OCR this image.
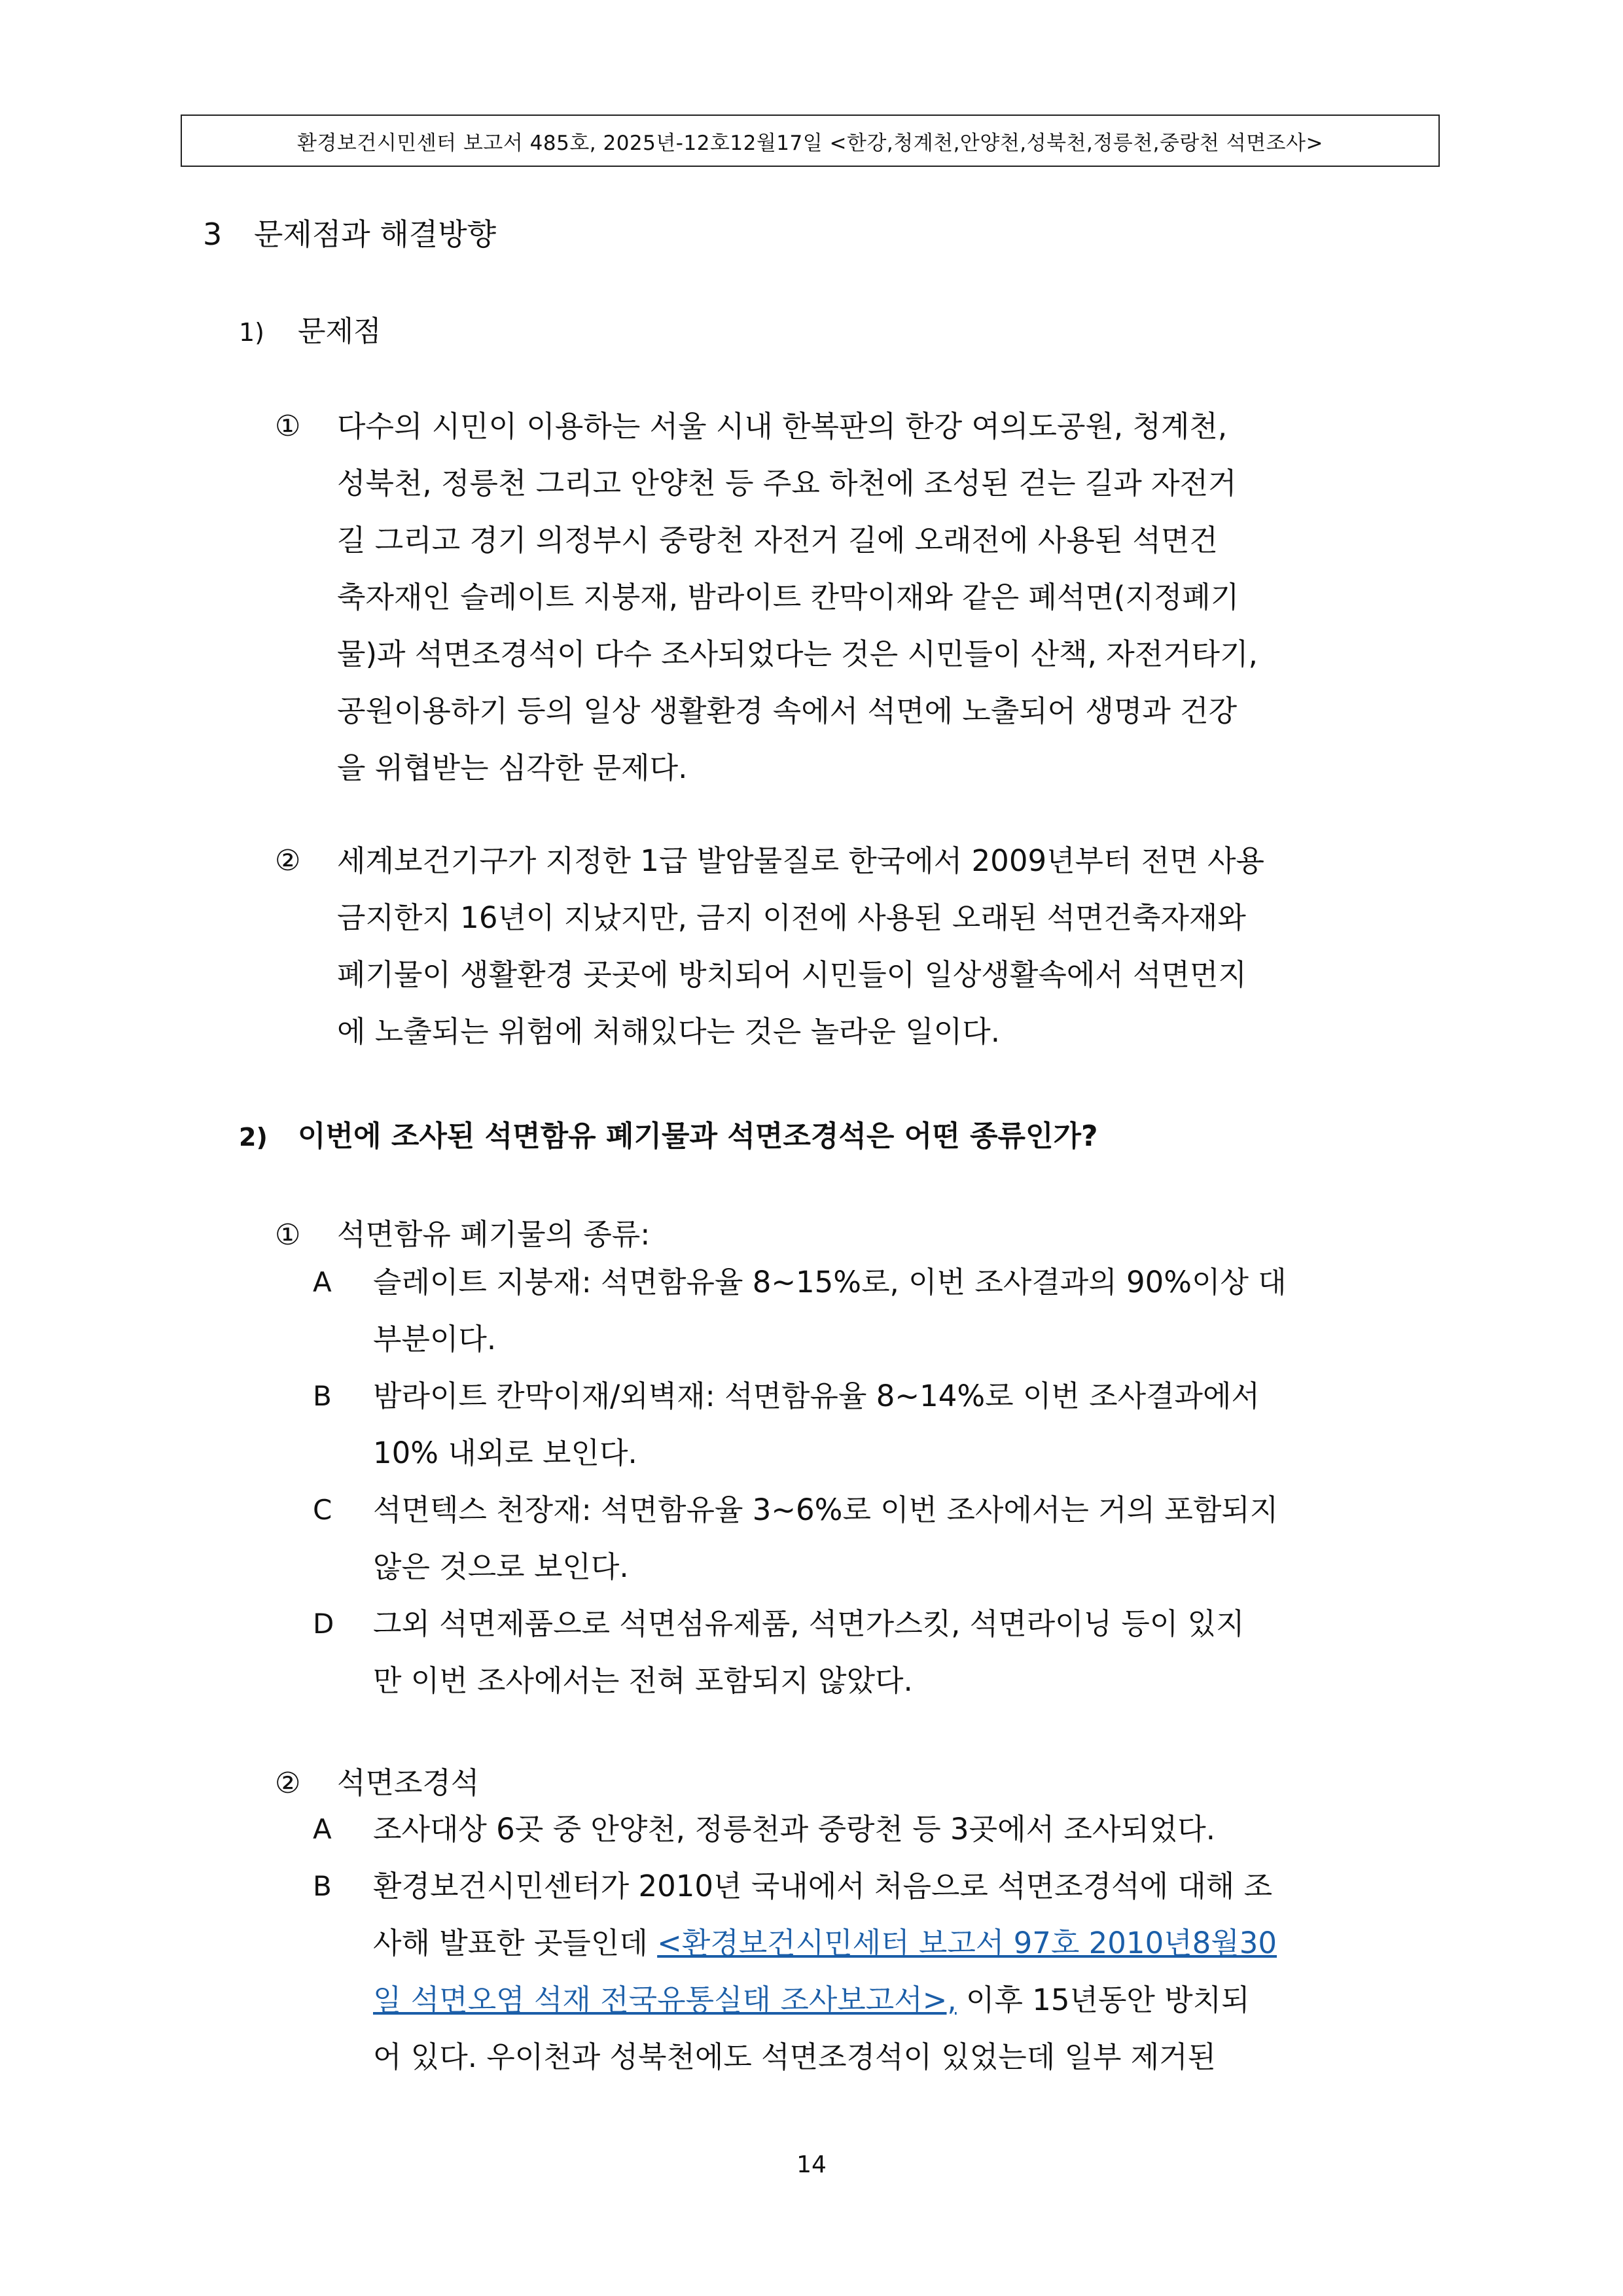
환경보건시민센터 보고서 485호, 2025년-12호12월17일 <한강,청계천,안양천,성북천,정릉천,중랑천 석면조사>
3 문제점과 해결방향
1) 문제점
①	다수의 시민이 이용하는 서울 시내 한복판의 한강 여의도공원, 청계천,
성북천, 정릉천 그리고 안양천 등 주요 하천에 조성된 걷는 길과 자전거
길 그리고 경기 의정부시 중랑천 자전거 길에 오래전에 사용된 석면건
축자재인 슬레이트 지붕재, 밤라이트 칸막이재와 같은 폐석면(지정폐기
물)과 석면조경석이 다수 조사되었다는 것은 시민들이 산책, 자전거타기,
공원이용하기 등의 일상 생활환경 속에서 석면에 노출되어 생명과 건강
을 위협받는 심각한 문제다.
②	세계보건기구가 지정한 1급 발암물질로 한국에서 2009년부터 전면 사용
금지한지 16년이 지났지만, 금지 이전에 사용된 오래된 석면건축자재와
폐기물이 생활환경 곳곳에 방치되어 시민들이 일상생활속에서 석면먼지
에 노출되는 위험에 처해있다는 것은 놀라운 일이다.
2) 이번에 조사된 석면함유 폐기물과 석면조경석은 어떤 종류인가?
① 석면함유 폐기물의 종류:
A	슬레이트 지붕재: 석면함유율 8~15%로, 이번 조사결과의 90%이상 대
부분이다.
B	밤라이트 칸막이재/외벽재: 석면함유율 8~14%로 이번 조사결과에서
10% 내외로 보인다.
C	석면텍스 천장재: 석면함유율 3~6%로 이번 조사에서는 거의 포함되지
않은 것으로 보인다.
D	그외 석면제품으로 석면섬유제품, 석면가스킷, 석면라이닝 등이 있지
만 이번 조사에서는 전혀 포함되지 않았다.
② 석면조경석
A	조사대상 6곳 중 안양천, 정릉천과 중랑천 등 3곳에서 조사되었다.
B	환경보건시민센터가 2010년 국내에서 처음으로 석면조경석에 대해 조
사해 발표한 곳들인데 <환경보건시민세터 보고서 97호 2010년8월30
일 석면오염 석재 전국유통실태 조사보고서>, 이후 15년동안 방치되
어 있다. 우이천과 성북천에도 석면조경석이 있었는데 일부 제거된
14
